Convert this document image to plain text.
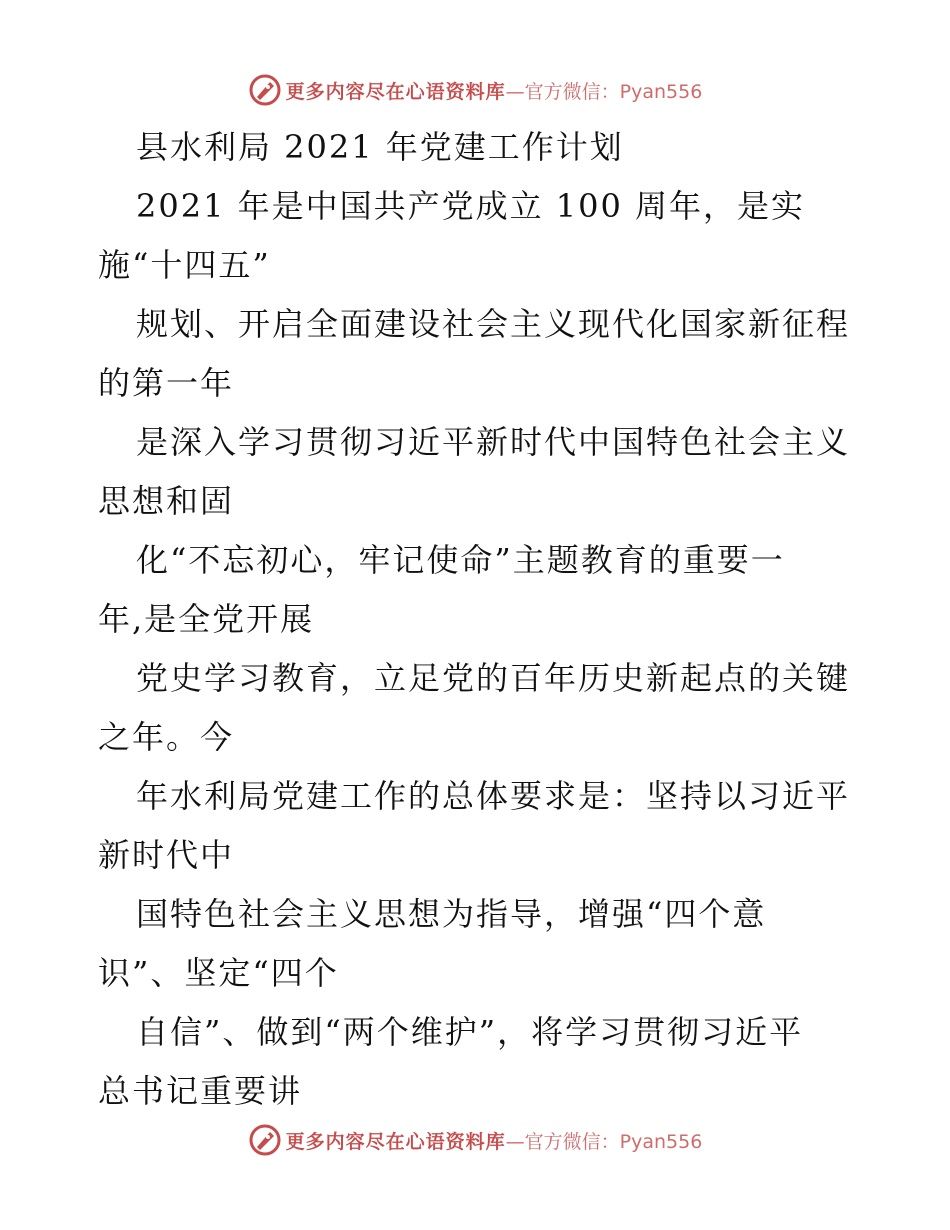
更多内容尽在心语资料库 —官方微信：Pyan556
县水利局 2021 年党建工作计划
2021 年是中国共产党成立 100 周年，是实
施“十四五”
规划、开启全面建设社会主义现代化国家新征程
的第一年
是深入学习贯彻习近平新时代中国特色社会主义
思想和固
化“不忘初心，牢记使命”主题教育的重要一
年,是全党开展
党史学习教育，立足党的百年历史新起点的关键
之年。今
年水利局党建工作的总体要求是：坚持以习近平
新时代中
国特色社会主义思想为指导，增强“四个意
识”、坚定“四个
自信”、做到“两个维护”，将学习贯彻习近平
总书记重要讲
更多内容尽在心语资料库 —官方微信：Pyan556
